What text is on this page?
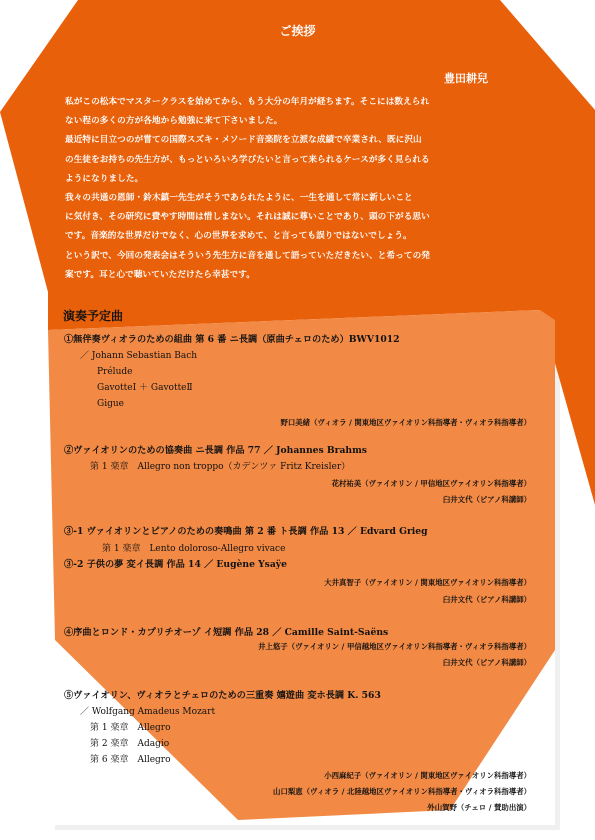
ご挨拶
豊田耕兒
私がこの松本でマスタークラスを始めてから、もう大分の年月が経ちます。そこには数えられ
ない程の多くの方が各地から勉強に来て下さいました。
最近特に目立つのが嘗ての国際スズキ・メソード音楽院を立派な成績で卒業され、既に沢山
の生徒をお持ちの先生方が、もっといろいろ学びたいと言って来られるケースが多く見られる
ようになりました。
我々の共通の恩師・鈴木鎮一先生がそうであられたように、一生を通して常に新しいこと
に気付き、その研究に費やす時間は惜しまない。それは誠に尊いことであり、頭の下がる思い
です。音楽的な世界だけでなく、心の世界を求めて、と言っても誤りではないでしょう。
という訳で、今回の発表会はそういう先生方に音を通して語っていただきたい、と希っての発
案です。耳と心で聴いていただけたら幸甚です。
演奏予定曲
①無伴奏ヴィオラのための組曲 第 6 番 ニ長調（原曲チェロのため）BWV1012
／ Johann Sebastian Bach
Prélude
GavotteⅠ ＋ GavotteⅡ
Gigue
野口美緒（ヴィオラ / 関東地区ヴァイオリン科指導者・ヴィオラ科指導者）
②ヴァイオリンのための協奏曲 ニ長調 作品 77 ／ Johannes Brahms
第 1 楽章　Allegro non troppo（カデンツァ Fritz Kreisler）
花村祐美（ヴァイオリン / 甲信地区ヴァイオリン科指導者）
臼井文代（ピアノ科講師）
③-1 ヴァイオリンとピアノのための奏鳴曲 第 2 番 ト長調 作品 13 ／ Edvard Grieg
第 1 楽章　Lento doloroso-Allegro vivace
③-2 子供の夢 変イ長調 作品 14 ／ Eugène Ysaÿe
大井真智子（ヴァイオリン / 関東地区ヴァイオリン科指導者）
臼井文代（ピアノ科講師）
④序曲とロンド・カプリチオーゾ イ短調 作品 28 ／ Camille Saint-Saëns
井上悠子（ヴァイオリン / 甲信越地区ヴァイオリン科指導者・ヴィオラ科指導者）
臼井文代（ピアノ科講師）
⑤ヴァイオリン、ヴィオラとチェロのための三重奏 嬉遊曲 変ホ長調 K. 563
／ Wolfgang Amadeus Mozart
第 1 楽章　Allegro
第 2 楽章　Adagio
第 6 楽章　Allegro
小西麻紀子（ヴァイオリン / 関東地区ヴァイオリン科指導者）
山口梨恵（ヴィオラ / 北陸越地区ヴァイオリン科指導者・ヴィオラ科指導者）
外山賀野（チェロ / 賛助出演）
